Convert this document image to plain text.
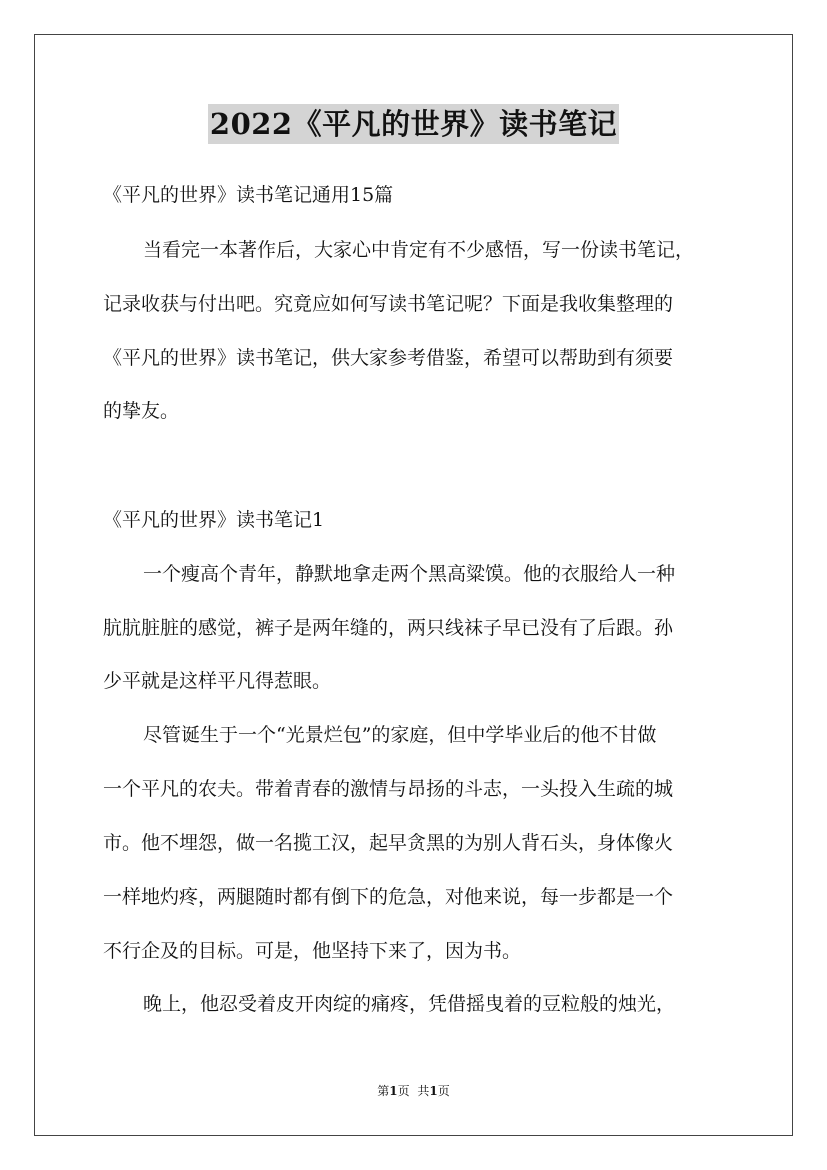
2022《平凡的世界》读书笔记
《平凡的世界》读书笔记通用15篇
当看完一本著作后，大家心中肯定有不少感悟，写一份读书笔记，
记录收获与付出吧。究竟应如何写读书笔记呢？下面是我收集整理的
《平凡的世界》读书笔记，供大家参考借鉴，希望可以帮助到有须要
的挚友。
《平凡的世界》读书笔记1
一个瘦高个青年，静默地拿走两个黑高粱馍。他的衣服给人一种
肮肮脏脏的感觉，裤子是两年缝的，两只线袜子早已没有了后跟。孙
少平就是这样平凡得惹眼。
尽管诞生于一个“光景烂包”的家庭，但中学毕业后的他不甘做
一个平凡的农夫。带着青春的激情与昂扬的斗志，一头投入生疏的城
市。他不埋怨，做一名揽工汉，起早贪黑的为别人背石头，身体像火
一样地灼疼，两腿随时都有倒下的危急，对他来说，每一步都是一个
不行企及的目标。可是，他坚持下来了，因为书。
晚上，他忍受着皮开肉绽的痛疼，凭借摇曳着的豆粒般的烛光，
第1页 共1页
